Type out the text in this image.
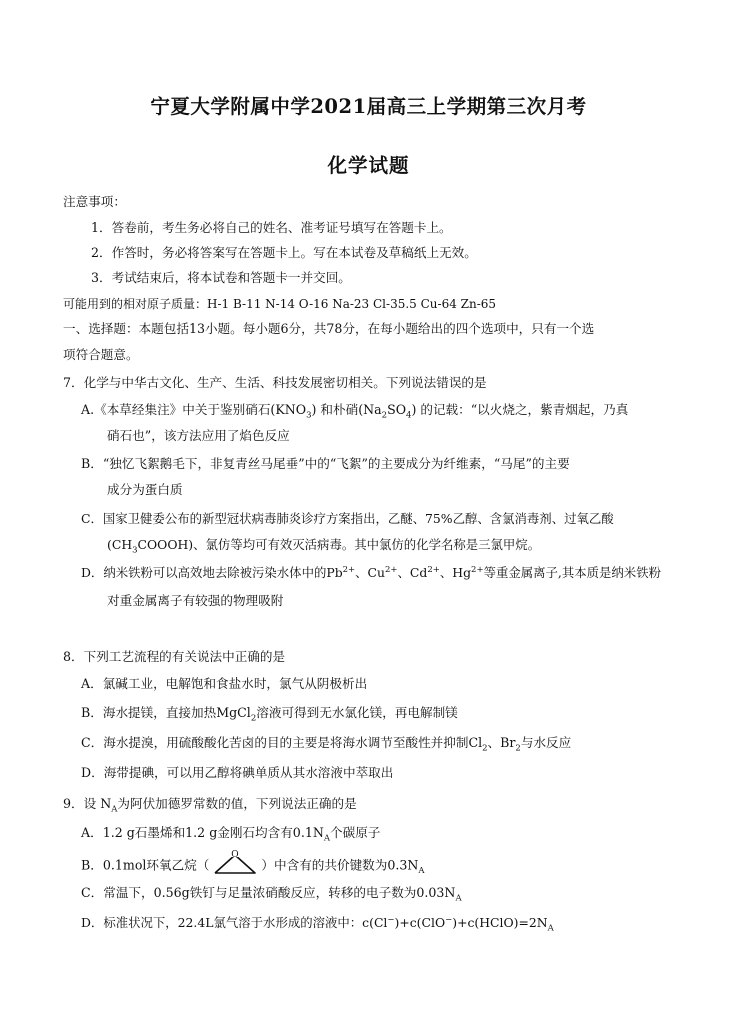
宁夏大学附属中学2021届高三上学期第三次月考
化学试题
注意事项：
1．答卷前，考生务必将自己的姓名、准考证号填写在答题卡上。
2．作答时，务必将答案写在答题卡上。写在本试卷及草稿纸上无效。
3．考试结束后，将本试卷和答题卡一并交回。
可能用到的相对原子质量：H-1 B-11 N-14 O-16 Na-23 Cl-35.5 Cu-64 Zn-65
一、选择题：本题包括13小题。每小题6分，共78分，在每小题给出的四个选项中，只有一个选
项符合题意。
7．化学与中华古文化、生产、生活、科技发展密切相关。下列说法错误的是
A.《本草经集注》中关于鉴别硝石$(KNO_3)$ 和朴硝$(Na_2SO_4)$ 的记载：“以火烧之，紫青烟起，乃真
硝石也”，该方法应用了焰色反应
B．“独忆飞絮鹅毛下，非复青丝马尾垂”中的“飞絮”的主要成分为纤维素，“马尾”的主要
成分为蛋白质
C．国家卫健委公布的新型冠状病毒肺炎诊疗方案指出，乙醚、75%乙醇、含氯消毒剂、过氧乙酸
$(CH_3COOOH)$、氯仿等均可有效灭活病毒。其中氯仿的化学名称是三氯甲烷。
D．纳米铁粉可以高效地去除被污染水体中的$Pb^{2+}$、$Cu^{2+}$、$Cd^{2+}$、$Hg^{2+}$等重金属离子,其本质是纳米铁粉
对重金属离子有较强的物理吸附
8．下列工艺流程的有关说法中正确的是
A．氯碱工业，电解饱和食盐水时，氯气从阴极析出
B．海水提镁，直接加热MgCl$_2$溶液可得到无水氯化镁，再电解制镁
C．海水提溴，用硫酸酸化苦卤的目的主要是将海水调节至酸性并抑制$Cl_2$、$Br_2$与水反应
D．海带提碘，可以用乙醇将碘单质从其水溶液中萃取出
9．设 $N_A$为阿伏加德罗常数的值，下列说法正确的是
A．1.2 g石墨烯和1.2 g金刚石均含有$0.1N_A$个碳原子
B．0.1mol环氧乙烷（
O
）中含有的共价键数为$0.3N_A$
C．常温下，0.56g铁钉与足量浓硝酸反应，转移的电子数为$0.03N_A$
D．标准状况下，22.4L氯气溶于水形成的溶液中：$c(Cl^-)+c(ClO^-)+c(HClO)=2N_A$
